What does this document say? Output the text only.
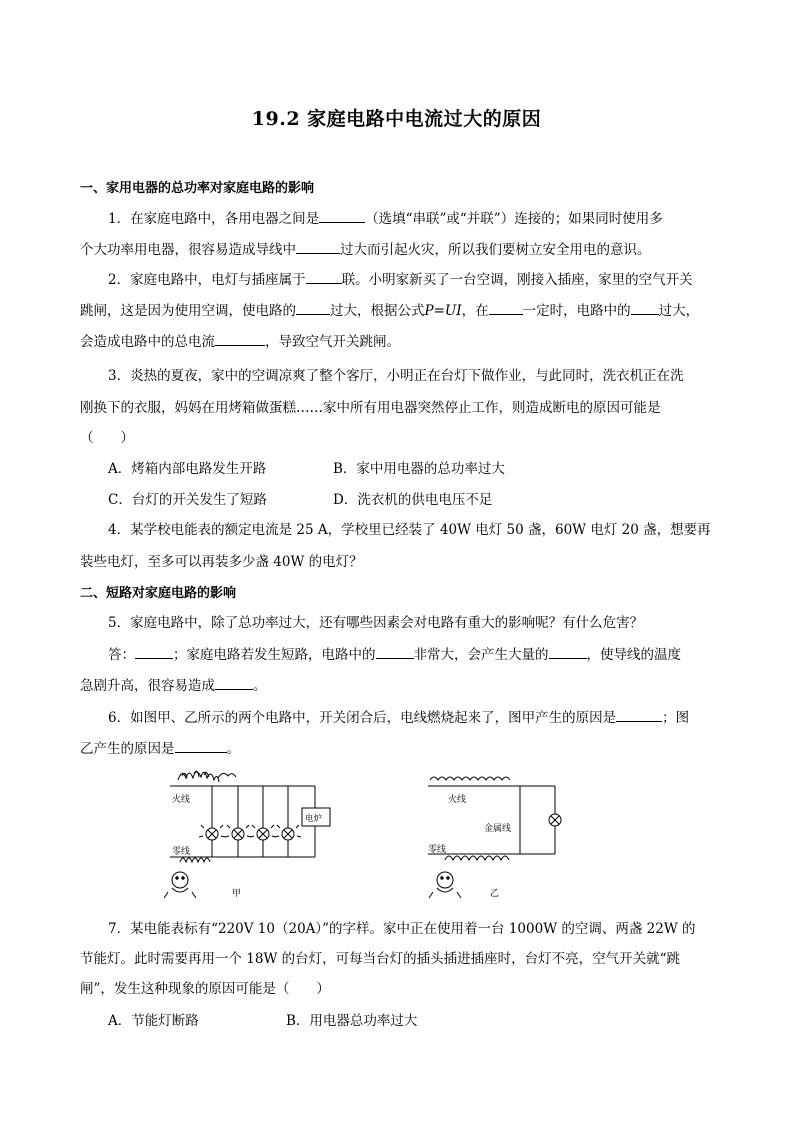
19.2 家庭电路中电流过大的原因
一、家用电器的总功率对家庭电路的影响
1．在家庭电路中，各用电器之间是	（选填“串联”或“并联”）连接的；如果同时使用多
个大功率用电器，很容易造成导线中	过大而引起火灾，所以我们要树立安全用电的意识。
2．家庭电路中，电灯与插座属于	联。小明家新买了一台空调，刚接入插座，家里的空气开关
跳闸，这是因为使用空调，使电路的	过大，根据公式P=UI，在	一定时，电路中的 过大，
会造成电路中的总电流	，导致空气开关跳闸。
3．炎热的夏夜，家中的空调凉爽了整个客厅，小明正在台灯下做作业，与此同时，洗衣机正在洗
刚换下的衣服，妈妈在用烤箱做蛋糕……家中所有用电器突然停止工作，则造成断电的原因可能是
（　　）
A．烤箱内部电路发生开路	B．家中用电器的总功率过大
C．台灯的开关发生了短路	D．洗衣机的供电电压不足
4．某学校电能表的额定电流是 25 A，学校里已经装了 40W 电灯 50 盏，60W 电灯 20 盏，想要再
装些电灯，至多可以再装多少盏 40W 的电灯？
二、短路对家庭电路的影响
5．家庭电路中，除了总功率过大，还有哪些因素会对电路有重大的影响呢？有什么危害？
答：	；家庭电路若发生短路，电路中的	非常大，会产生大量的	，使导线的温度
急剧升高，很容易造成	。
6．如图甲、乙所示的两个电路中，开关闭合后，电线燃烧起来了，图甲产生的原因是	；图
乙产生的原因是	。
火线
零线
电炉
甲
火线
零线
金属线
乙
7．某电能表标有“220V 10（20A）”的字样。家中正在使用着一台 1000W 的空调、两盏 22W 的
节能灯。此时需要再用一个 18W 的台灯，可每当台灯的插头插进插座时，台灯不亮，空气开关就“跳
闸”，发生这种现象的原因可能是（　　）
A．节能灯断路	B．用电器总功率过大
